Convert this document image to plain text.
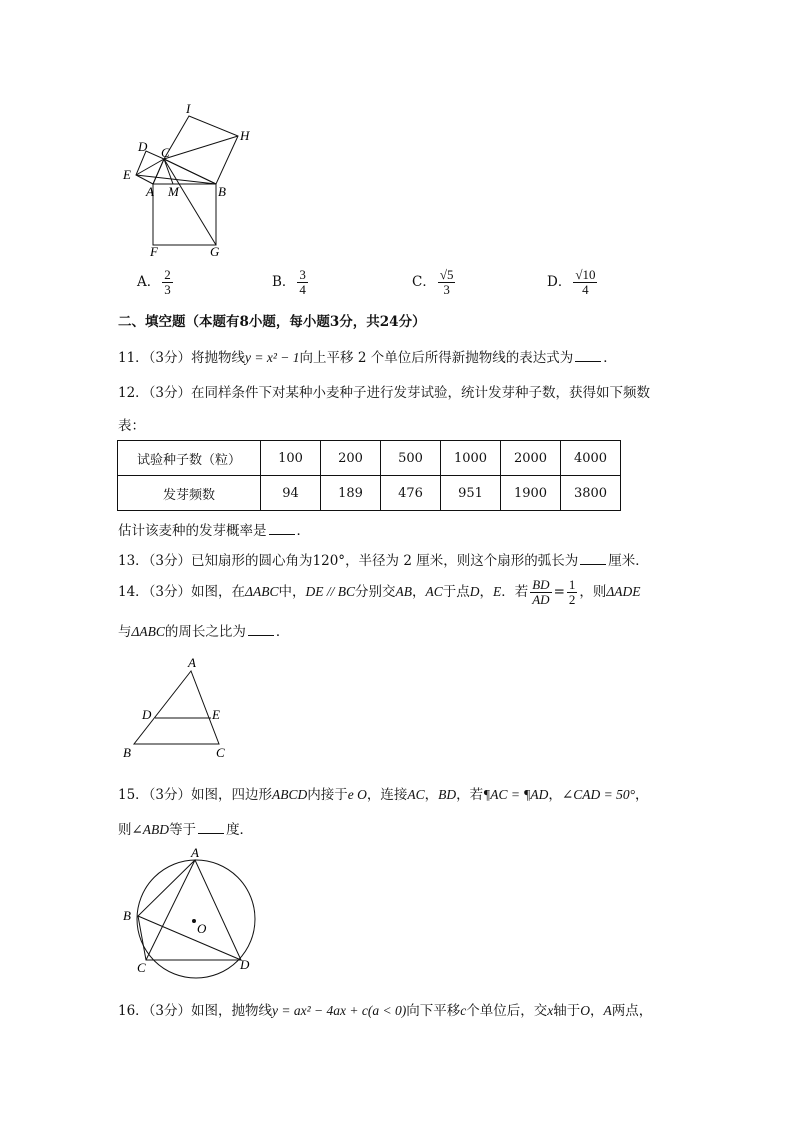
I
H
D C
E
A M	B
F	G
A． $\frac{2}{3}$	B． $\frac{3}{4}$	C． $\frac{√5}{3}$	D． $\frac{√10}{4}$
二、填空题（本题有8小题，每小题3分，共24分）
11．（3分）将抛物线y = x² − 1向上平移 2 个单位后所得新抛物线的表达式为 ．
12．（3分）在同样条件下对某种小麦种子进行发芽试验，统计发芽种子数，获得如下频数
表：
试验种子数（粒）	100	200	500	1000	2000	4000
发芽频数	94	189	476	951	1900	3800
估计该麦种的发芽概率是 ．
13．（3分）已知扇形的圆心角为120°，半径为 2 厘米，则这个扇形的弧长为 厘米．
14．（3分）如图，在ΔABC中，DE // BC分别交AB，AC于点D，E．若 $\frac{BD}{AD} = \frac{1}{2}$ ，则ΔADE
与ΔABC的周长之比为 ．
A
D	E
B	C
15．（3分）如图，四边形ABCD内接于e O，连接AC，BD，若¶AC = ¶AD，∠CAD = 50°，
则∠ABD等于 度．
A
B
O
C	D
16．（3分）如图，抛物线y = ax² − 4ax + c(a < 0)向下平移c个单位后，交x轴于O，A两点，
